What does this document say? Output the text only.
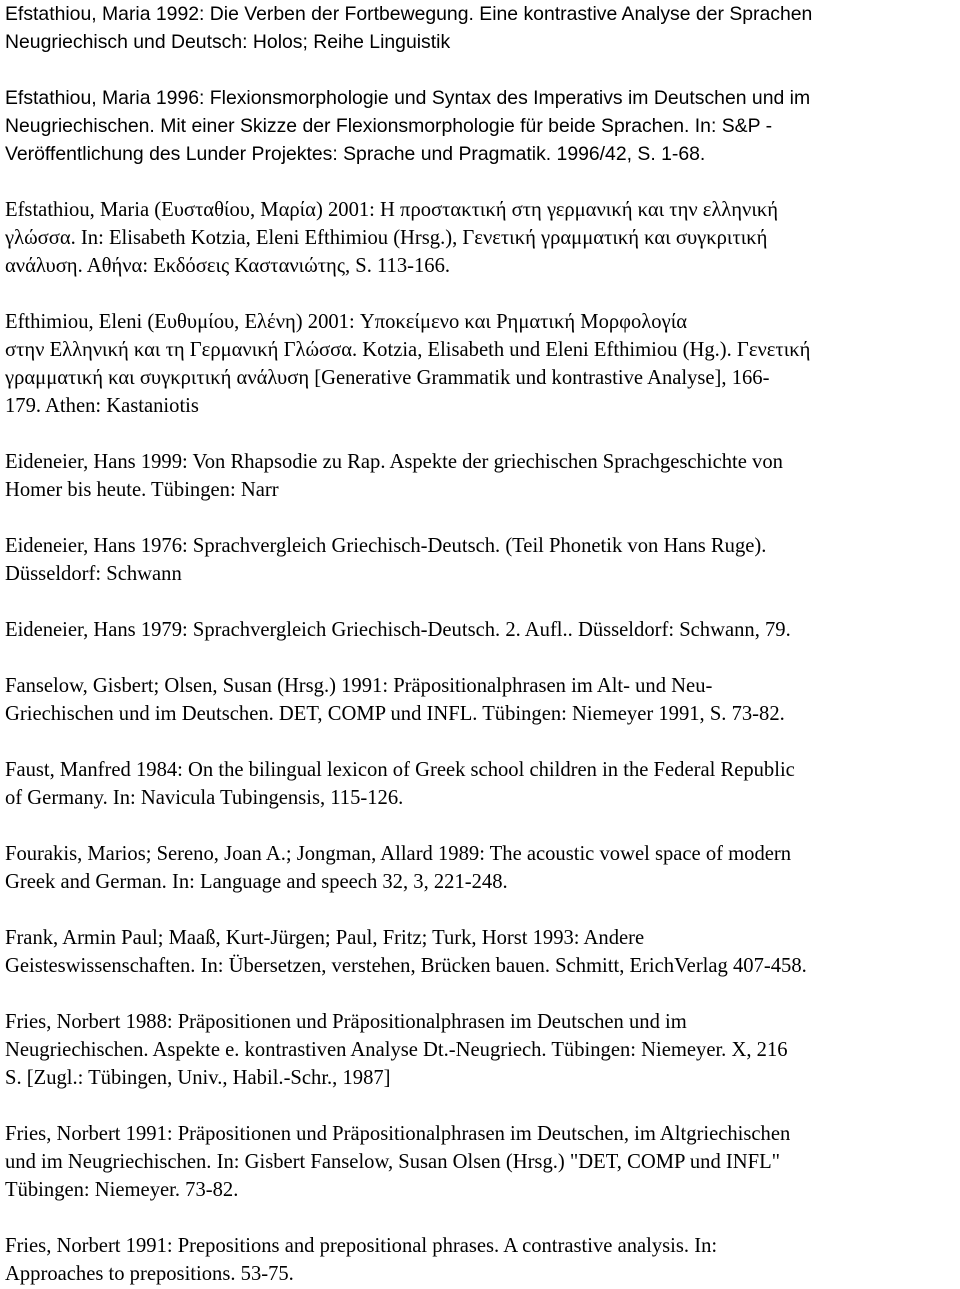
Efstathiou, Maria 1992: Die Verben der Fortbewegung. Eine kontrastive Analyse der Sprachen
Neugriechisch und Deutsch: Holos; Reihe Linguistik

Efstathiou, Maria 1996: Flexionsmorphologie und Syntax des Imperativs im Deutschen und im
Neugriechischen. Mit einer Skizze der Flexionsmorphologie für beide Sprachen. In: S&P -
Veröffentlichung des Lunder Projektes: Sprache und Pragmatik. 1996/42, S. 1-68.

Efstathiou, Maria (Ευσταθίου, Μαρία) 2001: Η προστακτική στη γερμανική και την ελληνική
γλώσσα. In: Elisabeth Kotzia, Eleni Efthimiou (Hrsg.), Γενετική γραμματική και συγκριτική
ανάλυση. Αθήνα: Εκδόσεις Καστανιώτης, S. 113-166.

Efthimiou, Eleni (Ευθυμίου, Ελένη) 2001: Υποκείμενο και Ρηματική Μορφολογία
στην Ελληνική και τη Γερμανική Γλώσσα. Kotzia, Elisabeth und Eleni Efthimiou (Hg.). Γενετική
γραμματική και συγκριτική ανάλυση [Generative Grammatik und kontrastive Analyse], 166-
179. Athen: Kastaniotis

Eideneier, Hans 1999: Von Rhapsodie zu Rap. Aspekte der griechischen Sprachgeschichte von
Homer bis heute. Tübingen: Narr

Eideneier, Hans 1976: Sprachvergleich Griechisch-Deutsch. (Teil Phonetik von Hans Ruge).
Düsseldorf: Schwann

Eideneier, Hans 1979: Sprachvergleich Griechisch-Deutsch. 2. Aufl.. Düsseldorf: Schwann, 79.

Fanselow, Gisbert; Olsen, Susan (Hrsg.) 1991: Präpositionalphrasen im Alt- und Neu-
Griechischen und im Deutschen. DET, COMP und INFL. Tübingen: Niemeyer 1991, S. 73-82.

Faust, Manfred 1984: On the bilingual lexicon of Greek school children in the Federal Republic
of Germany. In: Navicula Tubingensis, 115-126.

Fourakis, Marios; Sereno, Joan A.; Jongman, Allard 1989: The acoustic vowel space of modern
Greek and German. In: Language and speech 32, 3, 221-248.

Frank, Armin Paul; Maaß, Kurt-Jürgen; Paul, Fritz; Turk, Horst 1993: Andere
Geisteswissenschaften. In: Übersetzen, verstehen, Brücken bauen. Schmitt, ErichVerlag 407-458.

Fries, Norbert 1988: Präpositionen und Präpositionalphrasen im Deutschen und im
Neugriechischen. Aspekte e. kontrastiven Analyse Dt.-Neugriech. Tübingen: Niemeyer. X, 216
S. [Zugl.: Tübingen, Univ., Habil.-Schr., 1987]

Fries, Norbert 1991: Präpositionen und Präpositionalphrasen im Deutschen, im Altgriechischen
und im Neugriechischen. In: Gisbert Fanselow, Susan Olsen (Hrsg.) "DET, COMP und INFL"
Tübingen: Niemeyer. 73-82.

Fries, Norbert 1991: Prepositions and prepositional phrases. A contrastive analysis. In:
Approaches to prepositions. 53-75.
